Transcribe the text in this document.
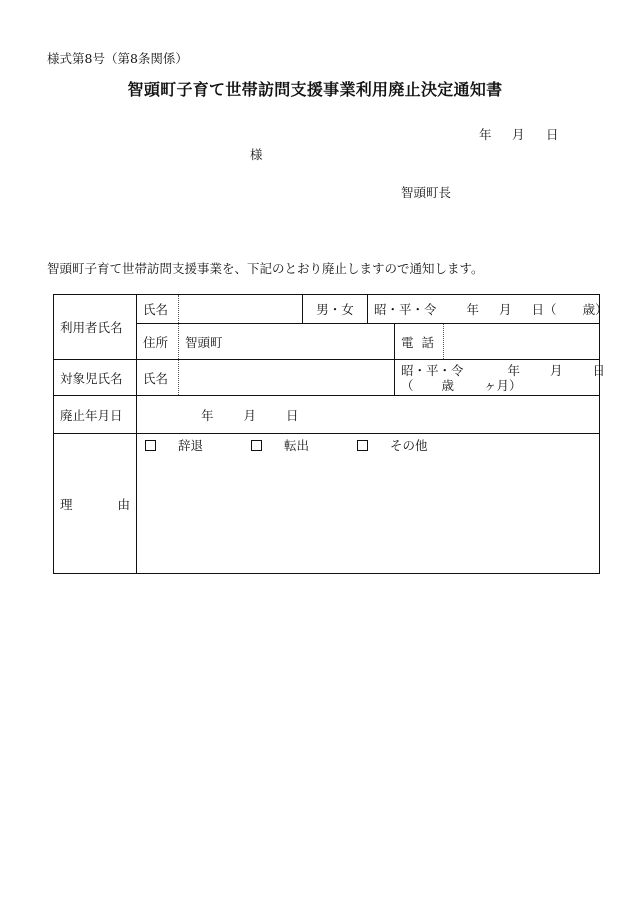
様式第8号（第8条関係）
智頭町子育て世帯訪問支援事業利用廃止決定通知書
年 月 日
様
智頭町長
智頭町子育て世帯訪問支援事業を、下記のとおり廃止しますので通知します。
利用者氏名	氏名		男・女	昭・平・令 年 月 日（ 歳）		
	住所	智頭町			電 話	
対象児氏名	氏名				昭・平・令 年 月 日
（ 歳 ヶ月）	

廃止年月日	年 月 日					

理 由	辞退 転出 その他					
